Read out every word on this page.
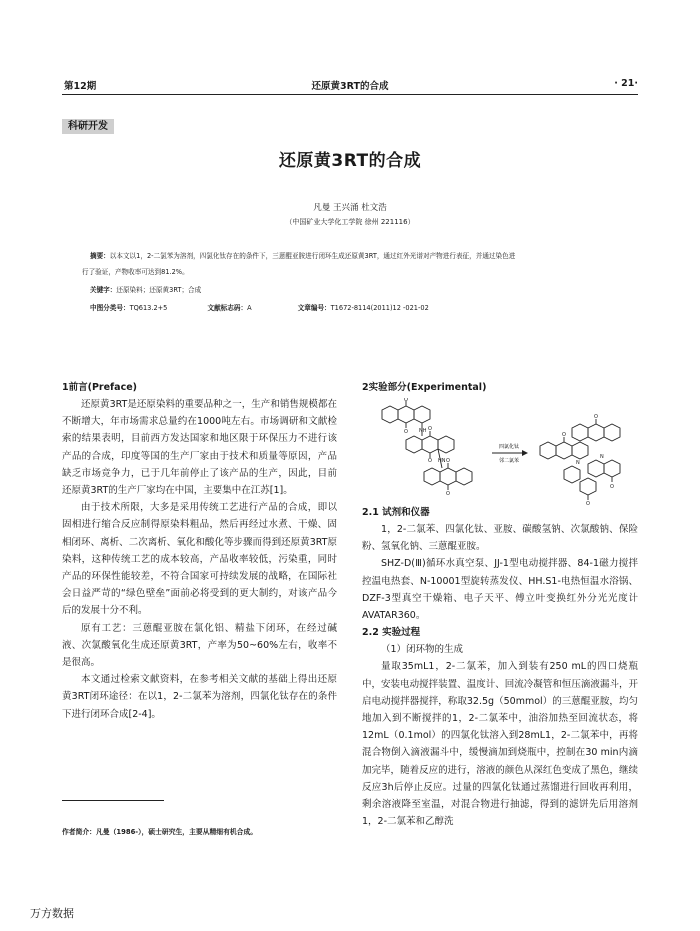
第12期	还原黄3RT的合成	· 21·
科研开发
还原黄3RT的合成
凡曼 王兴涌 杜文浩
（中国矿业大学化工学院 徐州 221116）
摘要：以本文以1，2-二氯苯为溶剂，四氯化钛存在的条件下，三蒽醌亚胺进行闭环生成还原黄3RT，通过红外光谱对产物进行表征，并通过染色进
行了验证，产物收率可达到81.2%。
关键字：还原染料；还原黄3RT；合成
中图分类号：TQ613.2+5	文献标志码：A	文章编号：T1672-8114(2011)12 -021-02
1前言(Preface)

还原黄3RT是还原染料的重要品种之一，生产和销售规模都在不断增大，年市场需求总量约在1000吨左右。市场调研和文献检索的结果表明，目前西方发达国家和地区限于环保压力不进行该产品的合成，印度等国的生产厂家由于技术和质量等原因，产品缺乏市场竞争力，已于几年前停止了该产品的生产，因此，目前还原黄3RT的生产厂家均在中国，主要集中在江苏[1]。

由于技术所限，大多是采用传统工艺进行产品的合成，即以固相进行缩合反应制得原染料粗品，然后再经过水煮、干燥、固相闭环、离析、二次离析、氧化和酸化等步骤而得到还原黄3RT原染料，这种传统工艺的成本较高，产品收率较低，污染重，同时产品的环保性能较差，不符合国家可持续发展的战略，在国际社会日益严苛的“绿色壁垒”面前必将受到的更大制约，对该产品今后的发展十分不利。

原有工艺：三蒽醌亚胺在氯化铝、精盐下闭环，在经过碱液、次氯酸氧化生成还原黄3RT，产率为50~60%左右，收率不是很高。

本文通过检索文献资料，在参考相关文献的基础上得出还原黄3RT闭环途径：在以1，2-二氯苯为溶剂，四氯化钛存在的条件下进行闭环合成[2-4]。

作者简介：凡曼（1986-），硕士研究生，主要从精细有机合成。
2实验部分(Experimental)
O
O NH O
O HN O
O
四氯化钛
邻二氯苯
O
O
O
O
N
N
2.1 试剂和仪器

1，2-二氯苯、四氯化钛、亚胺、碳酸氢钠、次氯酸钠、保险粉、氢氧化钠、三蒽醌亚胺。

SHZ-D(Ⅲ)循环水真空泵、JJ-1型电动搅拌器、84-1磁力搅拌控温电热套、N-10001型旋转蒸发仪、HH.S1-电热恒温水浴锅、DZF-3型真空干燥箱、电子天平、傅立叶变换红外分光光度计AVATAR360。

2.2 实验过程

（1）闭环物的生成

量取35mL1，2-二氯苯，加入到装有250 mL的四口烧瓶中，安装电动搅拌装置、温度计、回流冷凝管和恒压滴液漏斗，开启电动搅拌器搅拌，称取32.5g（50mmol）的三蒽醌亚胺，均匀地加入到不断搅拌的1，2-二氯苯中，油浴加热至回流状态，将12mL（0.1mol）的四氯化钛溶入到28mL1，2-二氯苯中，再将混合物倒入滴液漏斗中，缓慢滴加到烧瓶中，控制在30 min内滴加完毕，随着反应的进行，溶液的颜色从深红色变成了黑色，继续反应3h后停止反应。过量的四氯化钛通过蒸馏进行回收再利用，剩余溶液降至室温，对混合物进行抽滤，得到的滤饼先后用溶剂1，2-二氯苯和乙醇洗

万方数据
